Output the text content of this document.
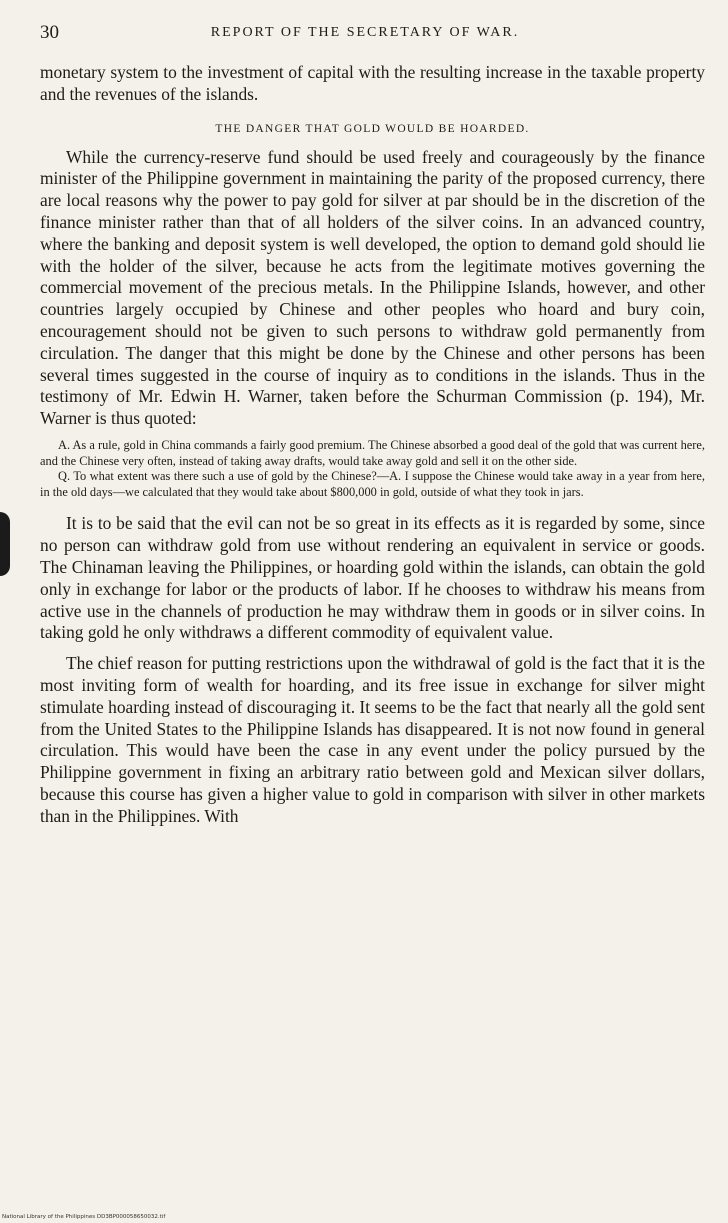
30	REPORT OF THE SECRETARY OF WAR.

monetary system to the investment of capital with the resulting increase in the taxable property and the revenues of the islands.

THE DANGER THAT GOLD WOULD BE HOARDED.

While the currency-reserve fund should be used freely and courageously by the finance minister of the Philippine government in maintaining the parity of the proposed currency, there are local reasons why the power to pay gold for silver at par should be in the discretion of the finance minister rather than that of all holders of the silver coins. In an advanced country, where the banking and deposit system is well developed, the option to demand gold should lie with the holder of the silver, because he acts from the legitimate motives governing the commercial movement of the precious metals. In the Philippine Islands, however, and other countries largely occupied by Chinese and other peoples who hoard and bury coin, encouragement should not be given to such persons to withdraw gold permanently from circulation. The danger that this might be done by the Chinese and other persons has been several times suggested in the course of inquiry as to conditions in the islands. Thus in the testimony of Mr. Edwin H. Warner, taken before the Schurman Commission (p. 194), Mr. Warner is thus quoted:

A. As a rule, gold in China commands a fairly good premium. The Chinese absorbed a good deal of the gold that was current here, and the Chinese very often, instead of taking away drafts, would take away gold and sell it on the other side.

Q. To what extent was there such a use of gold by the Chinese?—A. I suppose the Chinese would take away in a year from here, in the old days—we calculated that they would take about $800,000 in gold, outside of what they took in jars.

It is to be said that the evil can not be so great in its effects as it is regarded by some, since no person can withdraw gold from use without rendering an equivalent in service or goods. The Chinaman leaving the Philippines, or hoarding gold within the islands, can obtain the gold only in exchange for labor or the products of labor. If he chooses to withdraw his means from active use in the channels of production he may withdraw them in goods or in silver coins. In taking gold he only withdraws a different commodity of equivalent value.

The chief reason for putting restrictions upon the withdrawal of gold is the fact that it is the most inviting form of wealth for hoarding, and its free issue in exchange for silver might stimulate hoarding instead of discouraging it. It seems to be the fact that nearly all the gold sent from the United States to the Philippine Islands has disappeared. It is not now found in general circulation. This would have been the case in any event under the policy pursued by the Philippine government in fixing an arbitrary ratio between gold and Mexican silver dollars, because this course has given a higher value to gold in comparison with silver in other markets than in the Philippines. With

National Library of the Philippines DD3BP000058650032.tif
